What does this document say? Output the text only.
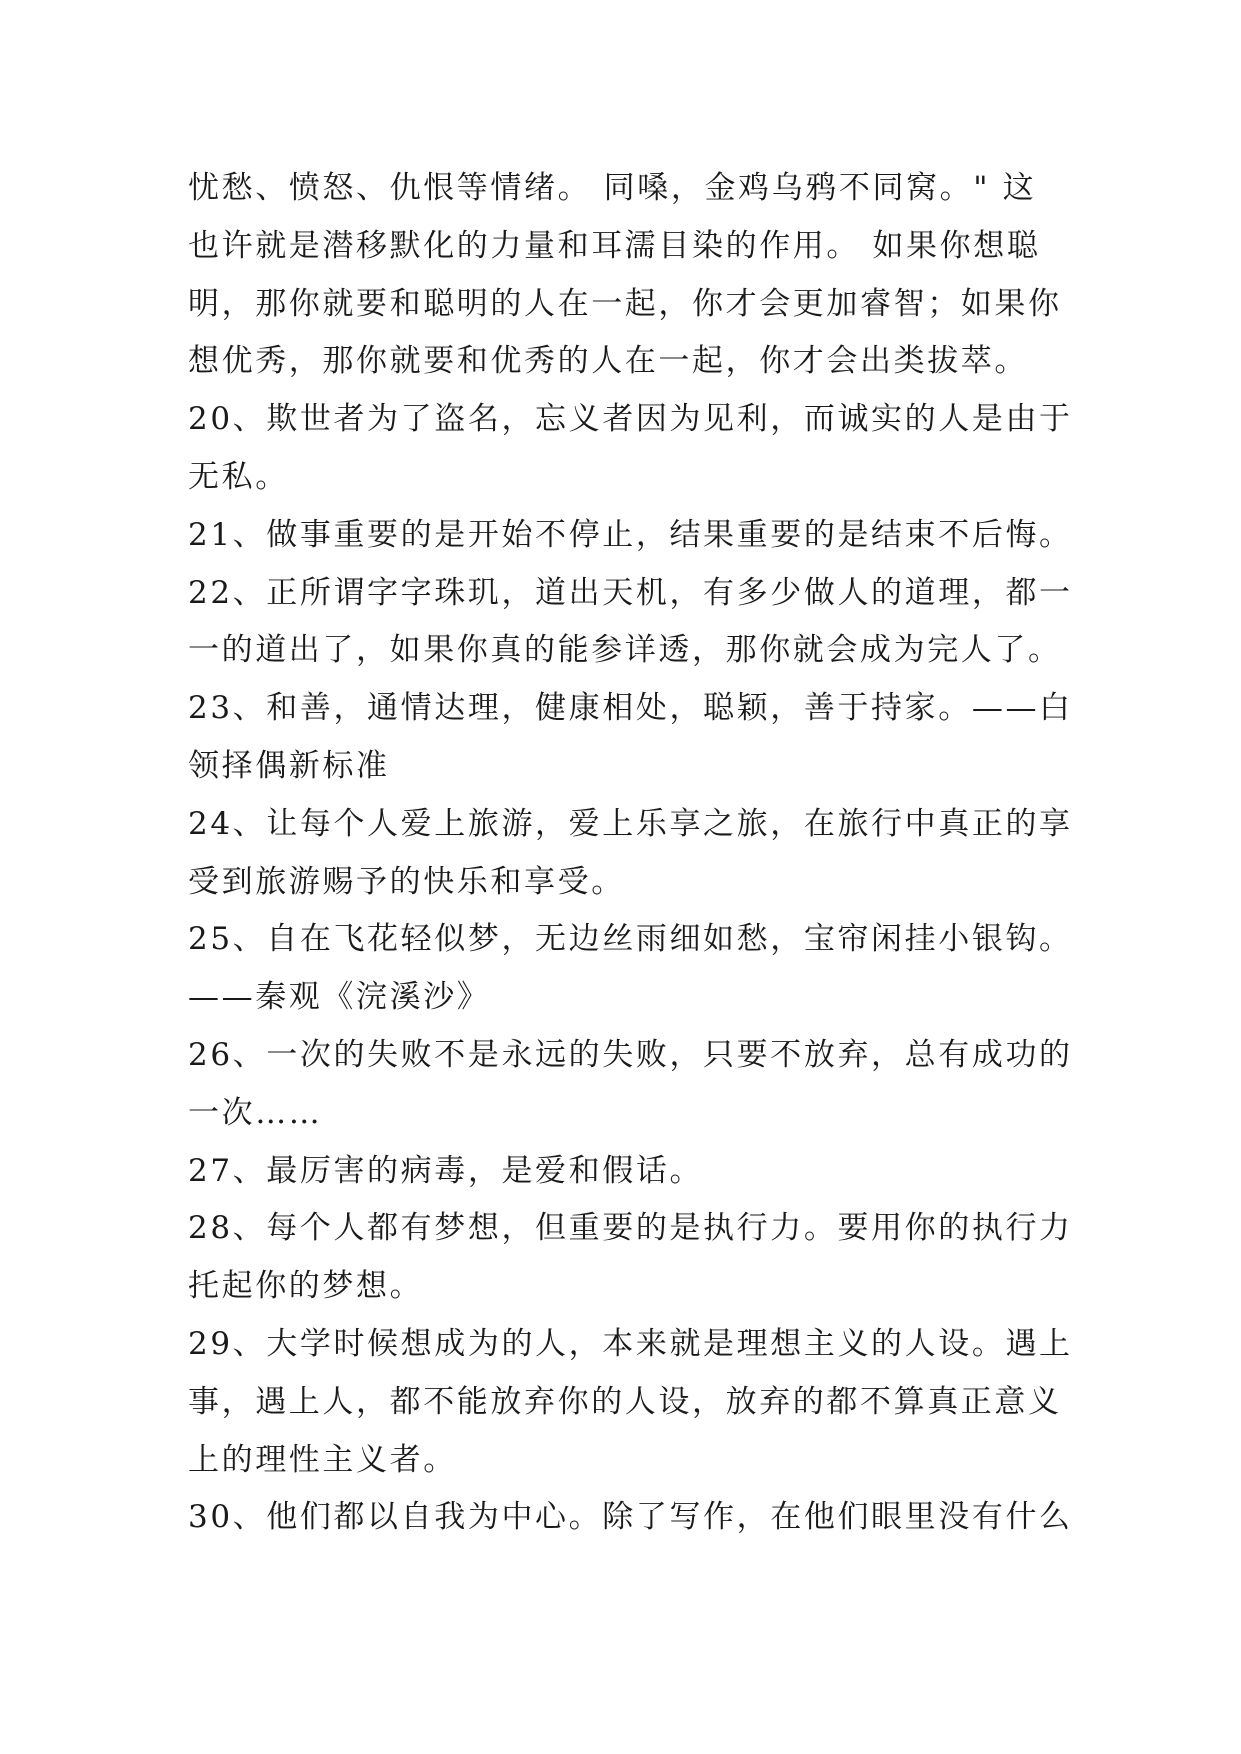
忧愁、愤怒、仇恨等情绪。 同嗓，金鸡乌鸦不同窝。" 这
也许就是潜移默化的力量和耳濡目染的作用。 如果你想聪
明，那你就要和聪明的人在一起，你才会更加睿智；如果你
想优秀，那你就要和优秀的人在一起，你才会出类拔萃。
20、欺世者为了盗名，忘义者因为见利，而诚实的人是由于
无私。
21、做事重要的是开始不停止，结果重要的是结束不后悔。
22、正所谓字字珠玑，道出天机，有多少做人的道理，都一
一的道出了，如果你真的能参详透，那你就会成为完人了。
23、和善，通情达理，健康相处，聪颖，善于持家。——白
领择偶新标准
24、让每个人爱上旅游，爱上乐享之旅，在旅行中真正的享
受到旅游赐予的快乐和享受。
25、自在飞花轻似梦，无边丝雨细如愁，宝帘闲挂小银钩。
——秦观《浣溪沙》
26、一次的失败不是永远的失败，只要不放弃，总有成功的
一次……
27、最厉害的病毒，是爱和假话。
28、每个人都有梦想，但重要的是执行力。要用你的执行力
托起你的梦想。
29、大学时候想成为的人，本来就是理想主义的人设。遇上
事，遇上人，都不能放弃你的人设，放弃的都不算真正意义
上的理性主义者。
30、他们都以自我为中心。除了写作，在他们眼里没有什么
